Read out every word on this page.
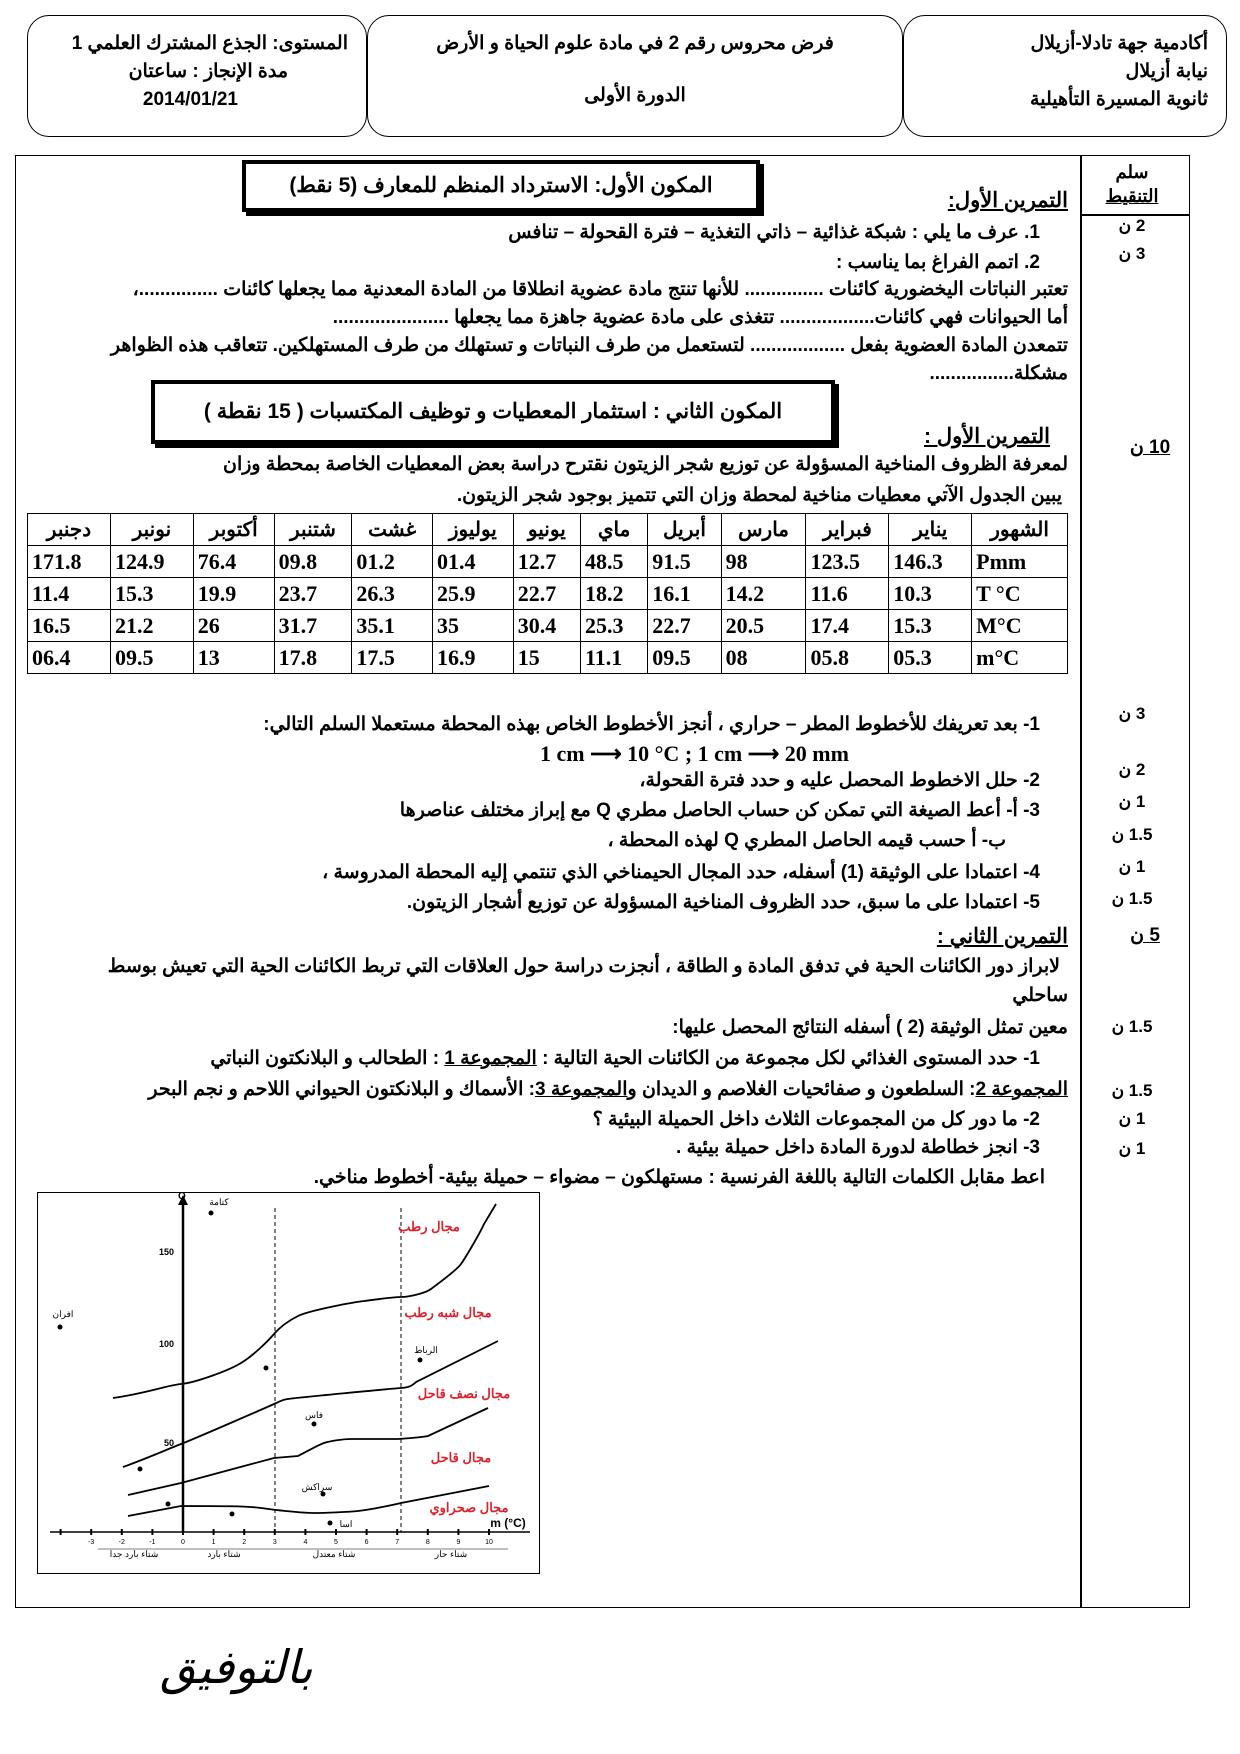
المستوى: الجذع المشترك العلمي 1
مدة الإنجاز : ساعتان
2014/01/21
فرض محروس رقم 2 في مادة علوم الحياة و الأرض
الدورة الأولى
أكادمية جهة تادلا-أزيلال
نيابة أزيلال
ثانوية المسيرة التأهيلية
سلم
التنقيط
المكون الأول: الاسترداد المنظم للمعارف (5 نقط)
التمرين الأول:
1. عرف ما يلي : شبكة غذائية – ذاتي التغذية – فترة القحولة – تنافس
2. اتمم الفراغ بما يناسب :
تعتبر النباتات اليخضورية كائنات ............... للأنها تنتج مادة عضوية انطلاقا من المادة المعدنية مما يجعلها كائنات ...............،
أما الحيوانات فهي كائنات.................. تتغذى على مادة عضوية جاهزة مما يجعلها ......................
تتمعدن المادة العضوية بفعل .................. لتستعمل من طرف النباتات و تستهلك من طرف المستهلكين. تتعاقب هذه الظواهر
مشكلة................
المكون الثاني : استثمار المعطيات و توظيف المكتسبات ( 15 نقطة )
التمرين الأول :
لمعرفة الظروف المناخية المسؤولة عن توزيع شجر الزيتون نقترح دراسة بعض المعطيات الخاصة بمحطة وزان
يبين الجدول الآتي معطيات مناخية لمحطة وزان التي تتميز بوجود شجر الزيتون.
الشهور	يناير	فبراير	مارس	أبريل	ماي	يونيو	يوليوز	غشت	شتنبر	أكتوبر	نونبر	دجنبر
Pmm	146.3	123.5	98	91.5	48.5	12.7	01.4	01.2	09.8	76.4	124.9	171.8
T °C	10.3	11.6	14.2	16.1	18.2	22.7	25.9	26.3	23.7	19.9	15.3	11.4
M°C	15.3	17.4	20.5	22.7	25.3	30.4	35	35.1	31.7	26	21.2	16.5
m°C	05.3	05.8	08	09.5	11.1	15	16.9	17.5	17.8	13	09.5	06.4
1- بعد تعريفك للأخطوط المطر – حراري ، أنجز الأخطوط الخاص بهذه المحطة مستعملا السلم التالي:
1 cm ⟶ 10 °C ; 1 cm ⟶ 20 mm
2- حلل الاخطوط المحصل عليه و حدد فترة القحولة،
3- أ- أعط الصيغة التي تمكن كن حساب الحاصل مطري Q مع إبراز مختلف عناصرها
ب- أ حسب قيمه الحاصل المطري Q لهذه المحطة ،
4- اعتمادا على الوثيقة (1) أسفله، حدد المجال الحيمناخي الذي تنتمي إليه المحطة المدروسة ،
5- اعتمادا على ما سبق، حدد الظروف المناخية المسؤولة عن توزيع أشجار الزيتون.
التمرين الثاني :
لابراز دور الكائنات الحية في تدفق المادة و الطاقة ، أنجزت دراسة حول العلاقات التي تربط الكائنات الحية التي تعيش بوسط
ساحلي
معين تمثل الوثيقة (2 ) أسفله النتائج المحصل عليها:
1- حدد المستوى الغذائي لكل مجموعة من الكائنات الحية التالية : المجموعة 1 : الطحالب و البلانكتون النباتي
المجموعة 2: السلطعون و صفائحيات الغلاصم و الديدان والمجموعة 3: الأسماك و البلانكتون الحيواني اللاحم و نجم البحر
2- ما دور كل من المجموعات الثلاث داخل الحميلة البيئية ؟
3- انجز خطاطة لدورة المادة داخل حميلة بيئية .
اعط مقابل الكلمات التالية باللغة الفرنسية : مستهلكون – مضواء – حميلة بيئية- أخطوط مناخي.
2 ن
3 ن
10 ن
3 ن
2 ن
1 ن
1.5 ن
1 ن
1.5 ن
5 ن
1.5 ن
1.5 ن
1 ن
1 ن
150
100
50
Q
m (°C)
-3	-2	-1	0	1	2	3	4	5	6	7	8	9	10
مجال رطب
مجال شبه رطب
مجال نصف قاحل
مجال قاحل
مجال صحراوي
كتامة
افران
الرباط
فاس
سراكش
اسا
شتاء بارد جدا	شتاء بارد	شتاء معتدل	شتاء حار
بالتوفيق
